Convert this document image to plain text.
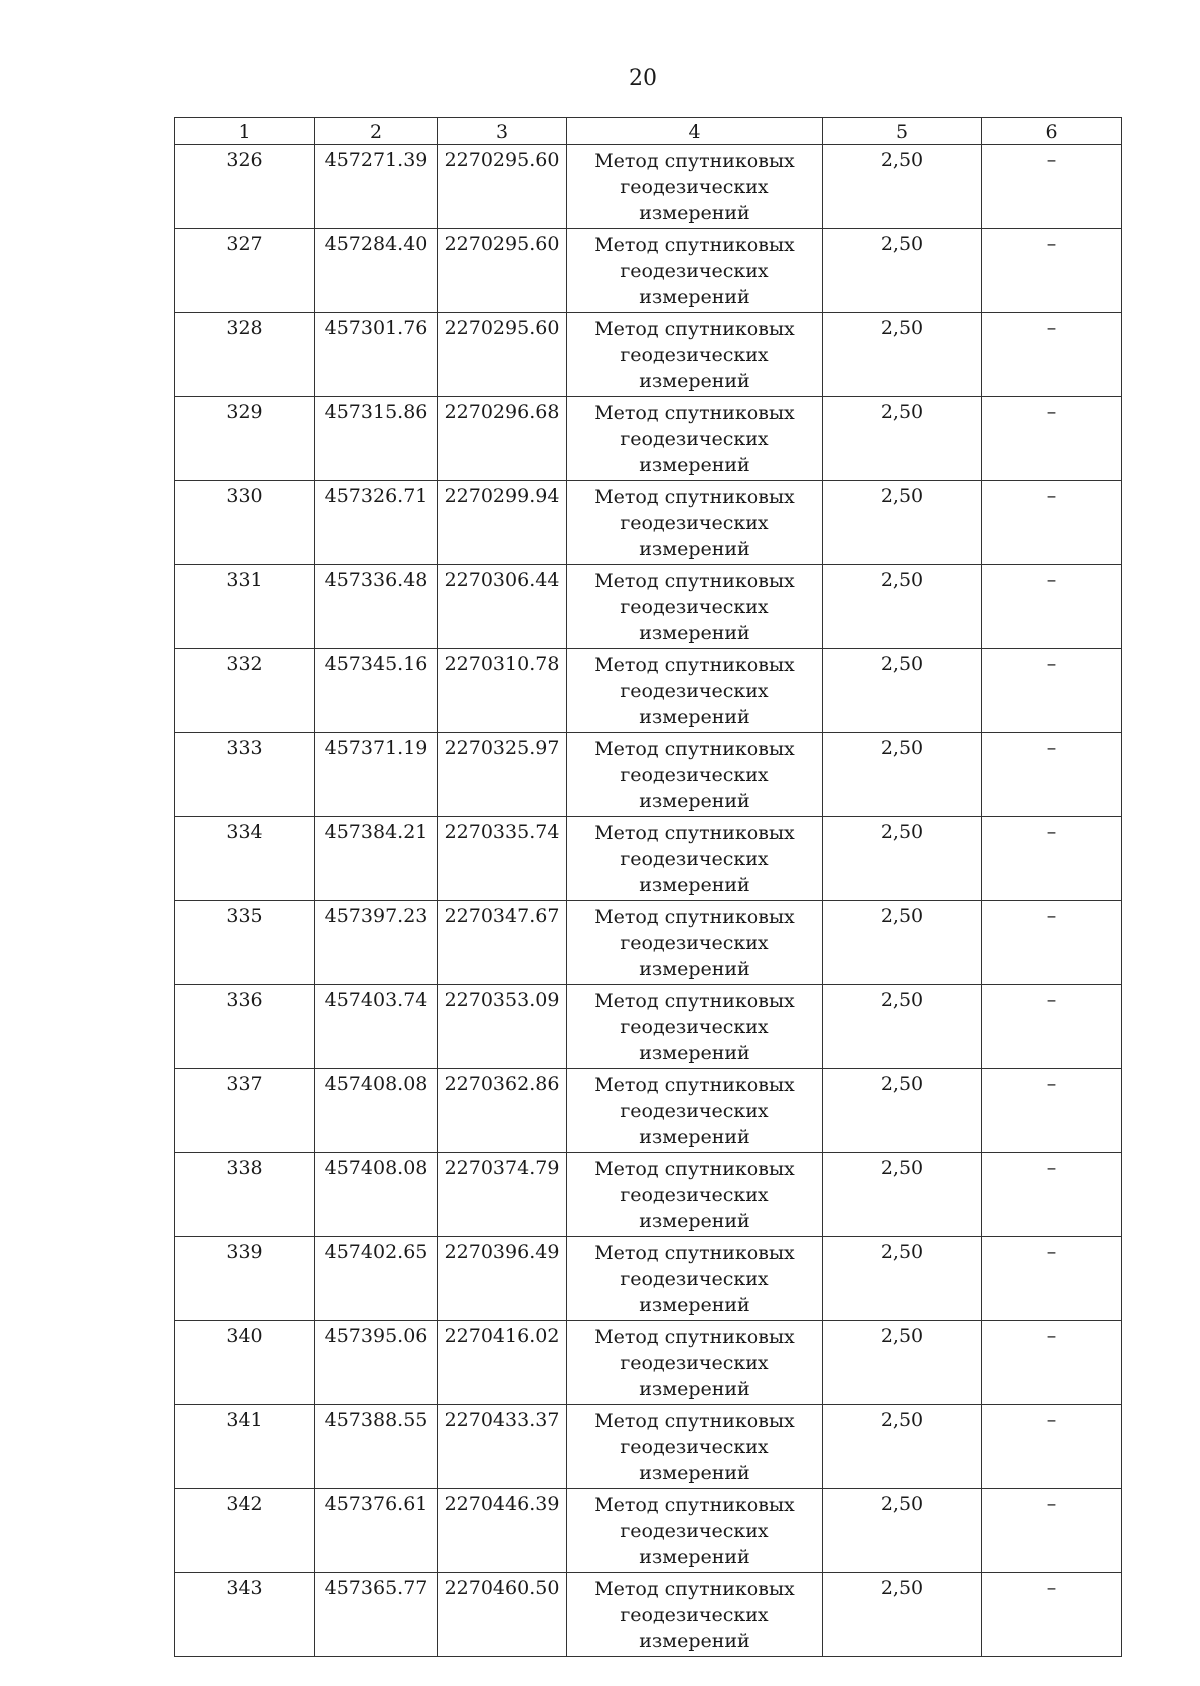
20
1	2	3	4	5	6
326	457271.39	2270295.60	Метод спутниковых геодезических измерений	2,50	–
327	457284.40	2270295.60	Метод спутниковых геодезических измерений	2,50	–
328	457301.76	2270295.60	Метод спутниковых геодезических измерений	2,50	–
329	457315.86	2270296.68	Метод спутниковых геодезических измерений	2,50	–
330	457326.71	2270299.94	Метод спутниковых геодезических измерений	2,50	–
331	457336.48	2270306.44	Метод спутниковых геодезических измерений	2,50	–
332	457345.16	2270310.78	Метод спутниковых геодезических измерений	2,50	–
333	457371.19	2270325.97	Метод спутниковых геодезических измерений	2,50	–
334	457384.21	2270335.74	Метод спутниковых геодезических измерений	2,50	–
335	457397.23	2270347.67	Метод спутниковых геодезических измерений	2,50	–
336	457403.74	2270353.09	Метод спутниковых геодезических измерений	2,50	–
337	457408.08	2270362.86	Метод спутниковых геодезических измерений	2,50	–
338	457408.08	2270374.79	Метод спутниковых геодезических измерений	2,50	–
339	457402.65	2270396.49	Метод спутниковых геодезических измерений	2,50	–
340	457395.06	2270416.02	Метод спутниковых геодезических измерений	2,50	–
341	457388.55	2270433.37	Метод спутниковых геодезических измерений	2,50	–
342	457376.61	2270446.39	Метод спутниковых геодезических измерений	2,50	–
343	457365.77	2270460.50	Метод спутниковых геодезических измерений	2,50	–
